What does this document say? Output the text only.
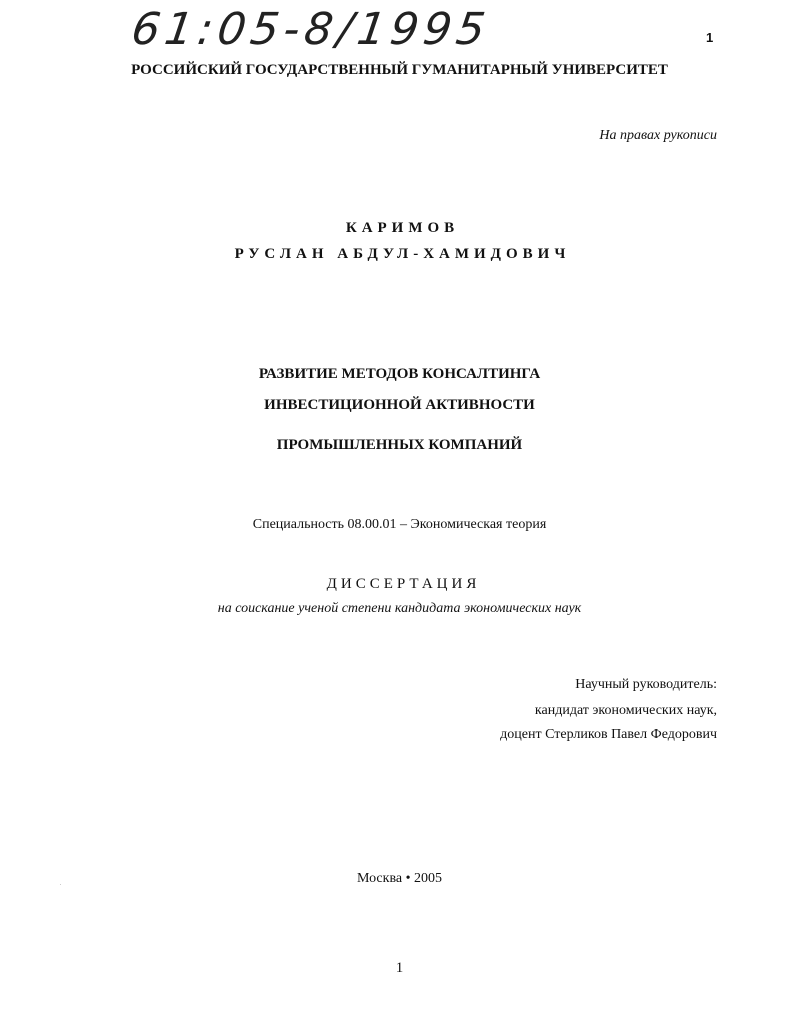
61:05-8/1995	1
РОССИЙСКИЙ ГОСУДАРСТВЕННЫЙ ГУМАНИТАРНЫЙ УНИВЕРСИТЕТ
На правах рукописи
КАРИМОВ
РУСЛАН АБДУЛ-ХАМИДОВИЧ
РАЗВИТИЕ МЕТОДОВ КОНСАЛТИНГА
ИНВЕСТИЦИОННОЙ АКТИВНОСТИ
ПРОМЫШЛЕННЫХ КОМПАНИЙ
Специальность 08.00.01 – Экономическая теория
ДИССЕРТАЦИЯ
на соискание ученой степени кандидата экономических наук
Научный руководитель:
кандидат экономических наук,
доцент Стерликов Павел Федорович
Москва • 2005
1
